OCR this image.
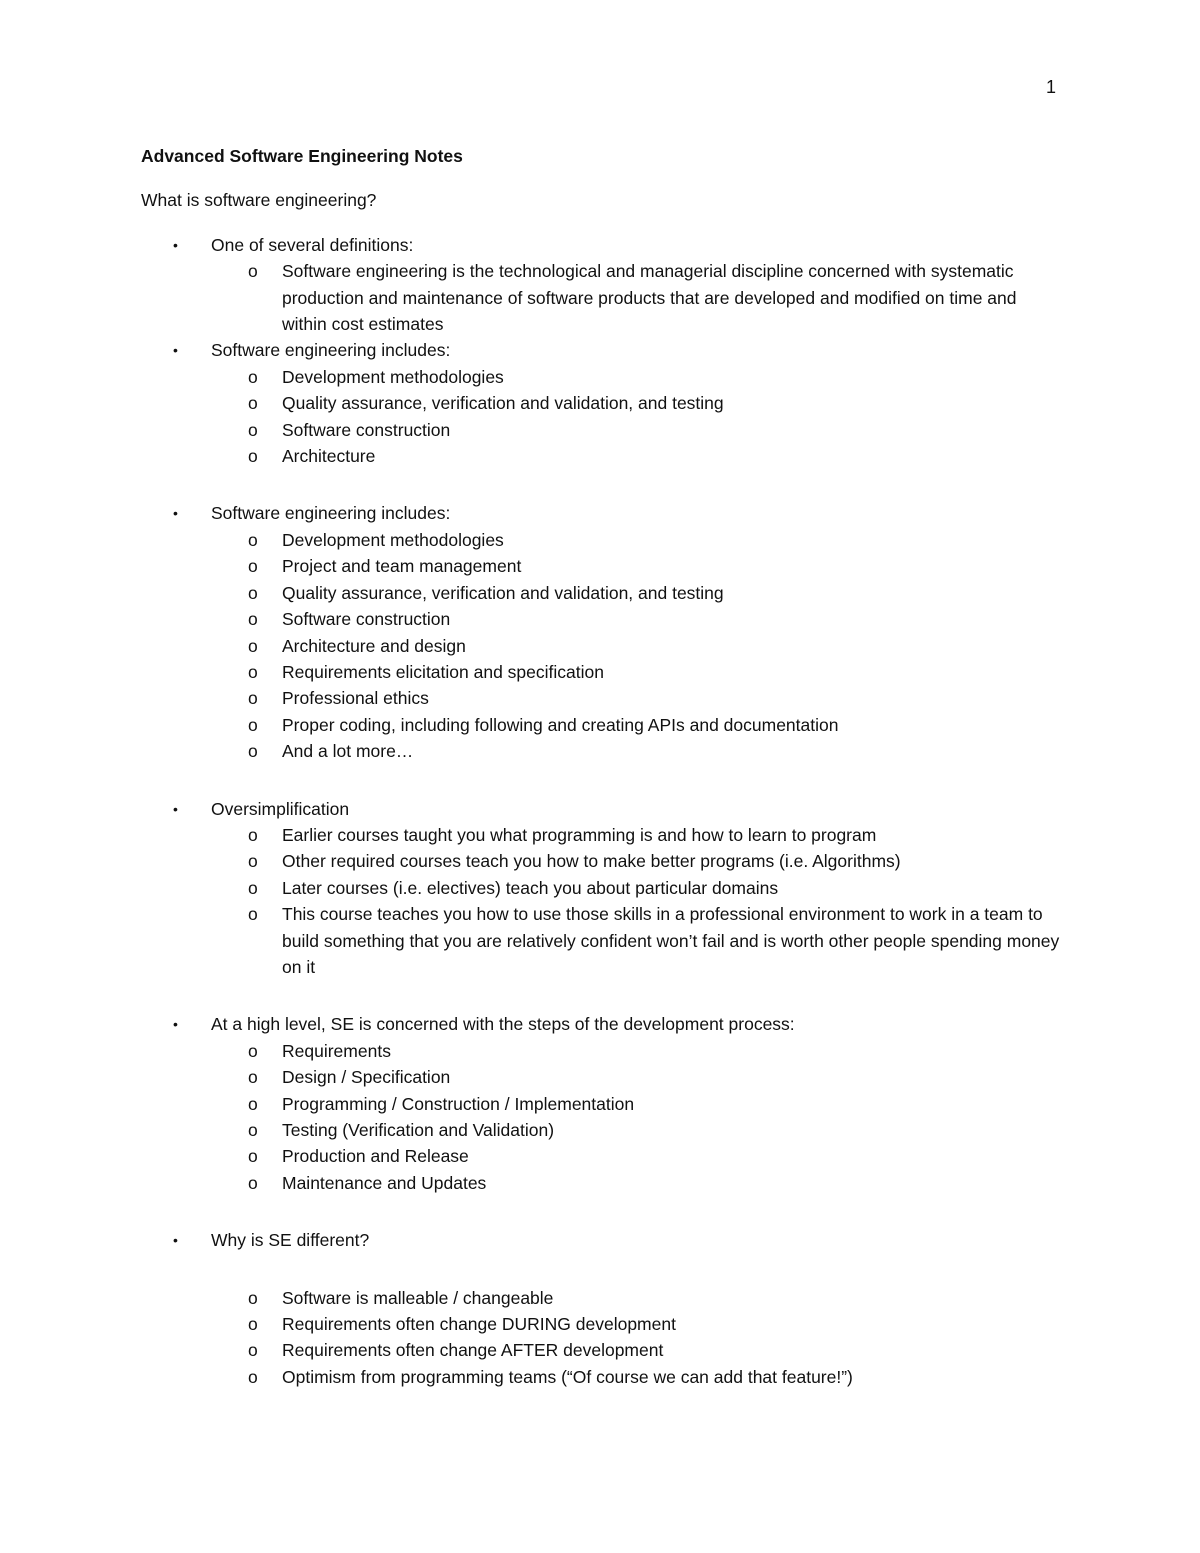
1
Advanced Software Engineering Notes
What is software engineering?
• One of several definitions:
o Software engineering is the technological and managerial discipline concerned with systematic production and maintenance of software products that are developed and modified on time and within cost estimates
• Software engineering includes:
o Development methodologies
o Quality assurance, verification and validation, and testing
o Software construction
o Architecture
• Software engineering includes:
o Development methodologies
o Project and team management
o Quality assurance, verification and validation, and testing
o Software construction
o Architecture and design
o Requirements elicitation and specification
o Professional ethics
o Proper coding, including following and creating APIs and documentation
o And a lot more…
• Oversimplification
o Earlier courses taught you what programming is and how to learn to program
o Other required courses teach you how to make better programs (i.e. Algorithms)
o Later courses (i.e. electives) teach you about particular domains
o This course teaches you how to use those skills in a professional environment to work in a team to build something that you are relatively confident won’t fail and is worth other people spending money on it
• At a high level, SE is concerned with the steps of the development process:
o Requirements
o Design / Specification
o Programming / Construction / Implementation
o Testing (Verification and Validation)
o Production and Release
o Maintenance and Updates
• Why is SE different?
o Software is malleable / changeable
o Requirements often change DURING development
o Requirements often change AFTER development
o Optimism from programming teams (“Of course we can add that feature!”)
